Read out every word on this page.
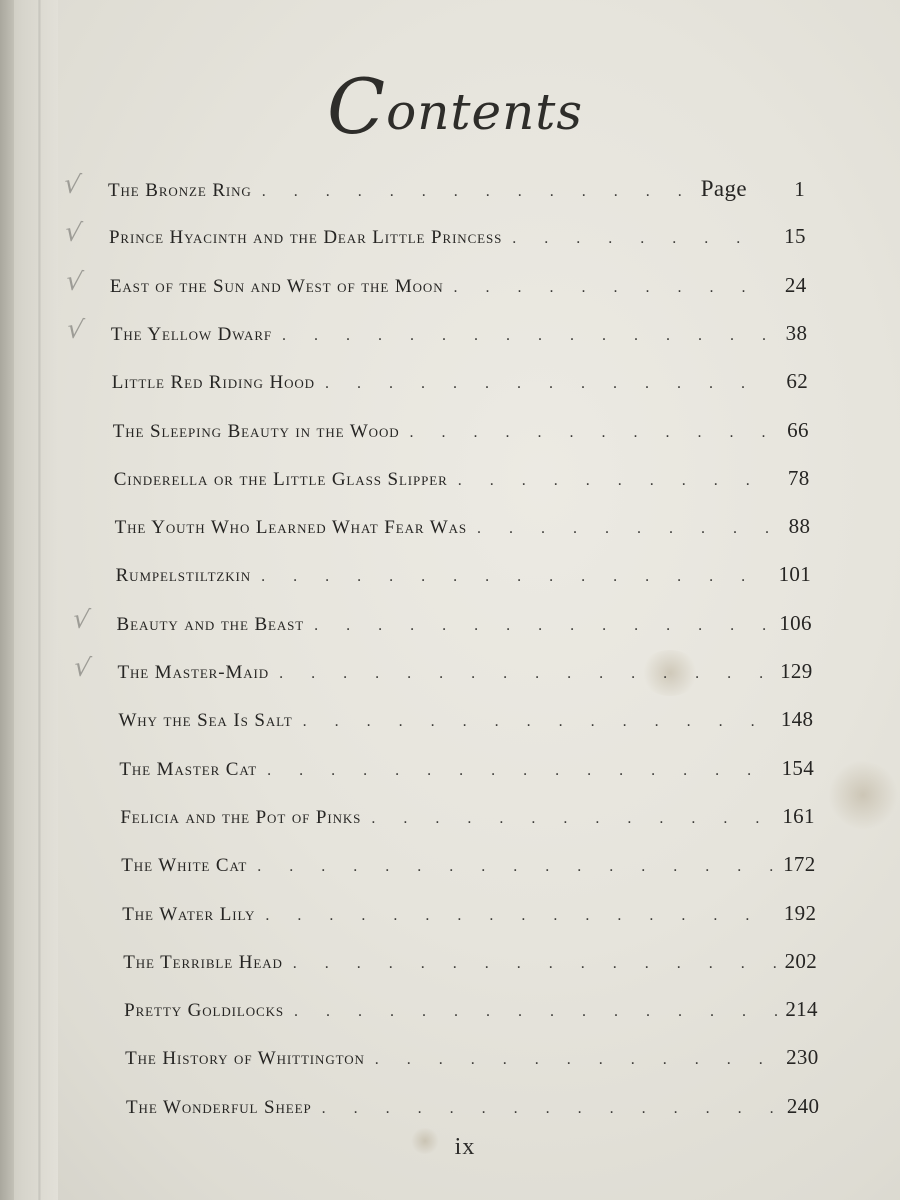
Contents
The Bronze Ring . . .	Page	1
√
Prince Hyacinth and the Dear Little Princess . . .	15
√
East of the Sun and West of the Moon . . .	24
√
The Yellow Dwarf . . .	38
√
Little Red Riding Hood . . .	62
The Sleeping Beauty in the Wood . . .	66
Cinderella or the Little Glass Slipper . . .	78
The Youth Who Learned What Fear Was . . .	88
Rumpelstiltzkin . . .	101
Beauty and the Beast . . .	106
√
The Master-Maid . . .	129
√
Why the Sea Is Salt . . .	148
The Master Cat . . .	154
Felicia and the Pot of Pinks . . .	161
The White Cat . . .	172
The Water Lily . . .	192
The Terrible Head . . .	202
Pretty Goldilocks . . .	214
The History of Whittington . . .	230
The Wonderful Sheep . . .	240
ix
